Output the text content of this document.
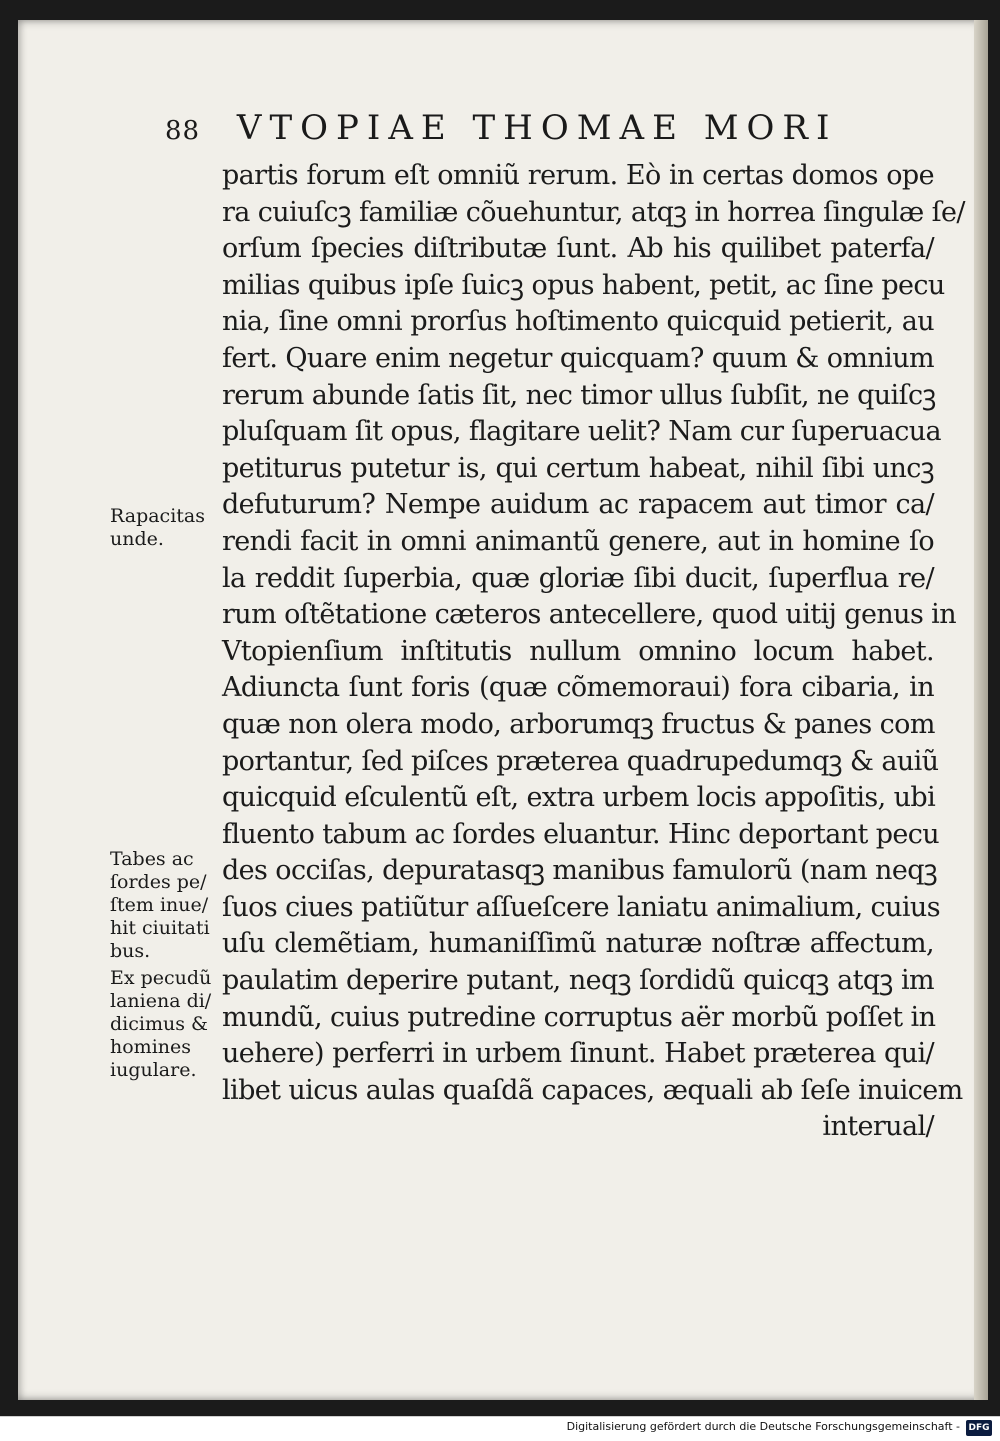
88 VTOPIAE THOMAE MORI
partis forum eſt omniũ rerum. Eò in certas domos ope
ra cuiuſcꝫ familiæ cõuehuntur, atqꝫ in horrea ſingulæ ſe/
orſum ſpecies diſtributæ ſunt. Ab his quilibet paterfa/
milias quibus ipſe ſuicꝫ opus habent, petit, ac ſine pecu
nia, ſine omni prorſus hoſtimento quicquid petierit, au
fert. Quare enim negetur quicquam? quum & omnium
rerum abunde ſatis ſit, nec timor ullus ſubſit, ne quiſcꝫ
pluſquam ſit opus, flagitare uelit? Nam cur ſuperuacua
petiturus putetur is, qui certum habeat, nihil ſibi uncꝫ
defuturum? Nempe auidum ac rapacem aut timor ca/
rendi facit in omni animantũ genere, aut in homine ſo
la reddit ſuperbia, quæ gloriæ ſibi ducit, ſuperflua re/
rum oſtẽtatione cæteros antecellere, quod uitij genus in
Vtopienſium inſtitutis nullum omnino locum habet.
Adiuncta ſunt foris (quæ cõmemoraui) fora cibaria, in
quæ non olera modo, arborumqꝫ fructus & panes com
portantur, ſed piſces præterea quadrupedumqꝫ & auiũ
quicquid eſculentũ eſt, extra urbem locis appoſitis, ubi
fluento tabum ac ſordes eluantur. Hinc deportant pecu
des occiſas, depuratasqꝫ manibus famulorũ (nam neqꝫ
ſuos ciues patiũtur aſſueſcere laniatu animalium, cuius
uſu clemẽtiam, humaniſſimũ naturæ noſtræ affectum,
paulatim deperire putant, neqꝫ ſordidũ quicqꝫ atqꝫ im
mundũ, cuius putredine corruptus aër morbũ poſſet in
uehere) perferri in urbem ſinunt. Habet præterea qui/
libet uicus aulas quaſdã capaces, æquali ab ſeſe inuicem
interual/
Rapacitas
unde.
Tabes ac
ſordes pe/
ſtem inue/
hit ciuitati
bus.
Ex pecudũ
laniena di/
dicimus &
homines
iugulare.
Digitalisierung gefördert durch die Deutsche Forschungsgemeinschaft - DFG
